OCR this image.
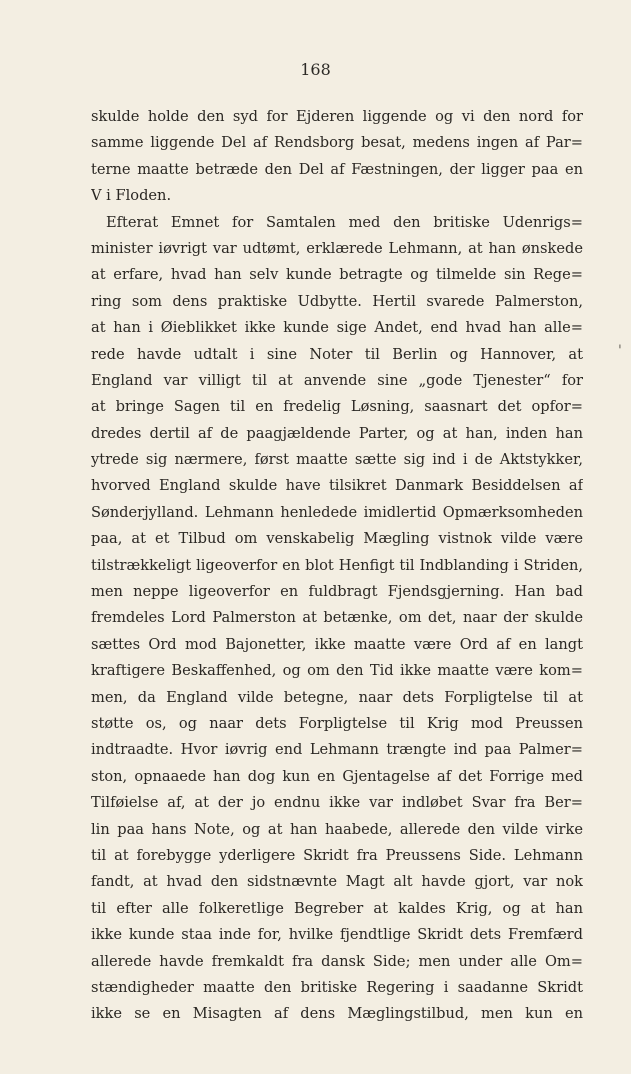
168
'
skulde holde den syd for Ejderen liggende og vi den nord for
samme liggende Del af Rendsborg besat, medens ingen af Par=
terne maatte betræde den Del af Fæstningen, der ligger paa en
V i Floden.
Efterat Emnet for Samtalen med den britiske Udenrigs=
minister iøvrigt var udtømt, erklærede Lehmann, at han ønskede
at erfare, hvad han selv kunde betragte og tilmelde sin Rege=
ring som dens praktiske Udbytte. Hertil svarede Palmerston,
at han i Øieblikket ikke kunde sige Andet, end hvad han alle=
rede havde udtalt i sine Noter til Berlin og Hannover, at
England var villigt til at anvende sine „gode Tjenester“ for
at bringe Sagen til en fredelig Løsning, saasnart det opfor=
dredes dertil af de paagjældende Parter, og at han, inden han
ytrede sig nærmere, først maatte sætte sig ind i de Aktstykker,
hvorved England skulde have tilsikret Danmark Besiddelsen af
Sønderjylland. Lehmann henledede imidlertid Opmærksomheden
paa, at et Tilbud om venskabelig Mægling vistnok vilde være
tilstrækkeligt ligeoverfor en blot Henfigt til Indblanding i Striden,
men neppe ligeoverfor en fuldbragt Fjendsgjerning. Han bad
fremdeles Lord Palmerston at betænke, om det, naar der skulde
sættes Ord mod Bajonetter, ikke maatte være Ord af en langt
kraftigere Beskaffenhed, og om den Tid ikke maatte være kom=
men, da England vilde betegne, naar dets Forpligtelse til at
støtte os, og naar dets Forpligtelse til Krig mod Preussen
indtraadte. Hvor iøvrig end Lehmann trængte ind paa Palmer=
ston, opnaaede han dog kun en Gjentagelse af det Forrige med
Tilføielse af, at der jo endnu ikke var indløbet Svar fra Ber=
lin paa hans Note, og at han haabede, allerede den vilde virke
til at forebygge yderligere Skridt fra Preussens Side. Lehmann
fandt, at hvad den sidstnævnte Magt alt havde gjort, var nok
til efter alle folkeretlige Begreber at kaldes Krig, og at han
ikke kunde staa inde for, hvilke fjendtlige Skridt dets Fremfærd
allerede havde fremkaldt fra dansk Side; men under alle Om=
stændigheder maatte den britiske Regering i saadanne Skridt
ikke se en Misagten af dens Mæglingstilbud, men kun en
